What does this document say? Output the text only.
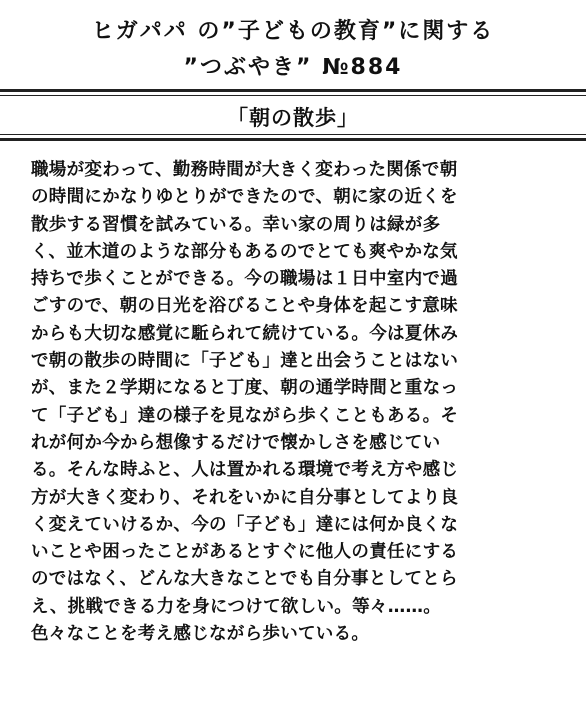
ヒガパパ の”子どもの教育”に関する
”つぶやき” №884
「朝の散歩」
職場が変わって、勤務時間が大きく変わった関係で朝
の時間にかなりゆとりができたので、朝に家の近くを
散歩する習慣を試みている。幸い家の周りは緑が多
く、並木道のような部分もあるのでとても爽やかな気
持ちで歩くことができる。今の職場は１日中室内で過
ごすので、朝の日光を浴びることや身体を起こす意味
からも大切な感覚に駈られて続けている。今は夏休み
で朝の散歩の時間に「子ども」達と出会うことはない
が、また２学期になると丁度、朝の通学時間と重なっ
て「子ども」達の様子を見ながら歩くこともある。そ
れが何か今から想像するだけで懐かしさを感じてい
る。そんな時ふと、人は置かれる環境で考え方や感じ
方が大きく変わり、それをいかに自分事としてより良
く変えていけるか、今の「子ども」達には何か良くな
いことや困ったことがあるとすぐに他人の責任にする
のではなく、どんな大きなことでも自分事としてとら
え、挑戦できる力を身につけて欲しい。等々……。
色々なことを考え感じながら歩いている。
